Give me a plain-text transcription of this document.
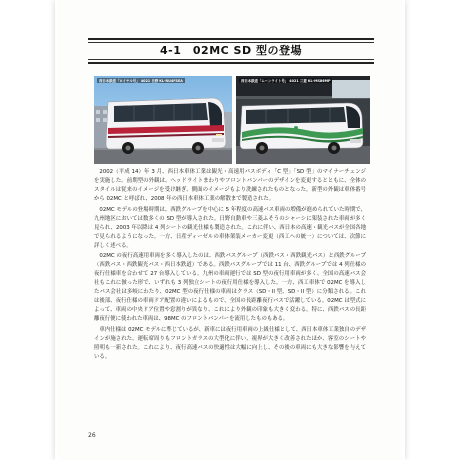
4-1　02MC SD 型の登場
西日本鉄道「ロイヤル号」 4021 日野 KL-RU4FSEA	西日本鉄道「ムーンライト号」 4021 三菱 KL-MS86MP

2002（平成 14）年 3 月、西日本車体工業は観光・高速用バスボディ「C 型」「SD 型」のマイナーチェンジを実施した。前期型の外観は、ヘッドライトまわりやフロントバンパーのデザインを変更するとともに、全体のスタイルは従来のイメージを受け継ぎ、側面のイメージもより洗練されたものとなった。新型の外観は車体番号から 02MC と呼ばれ、2008 年の西日本車体工業の解散まで製造された。

02MC モデルの登場時期は、西鉄グループを中心に 5 年程度の高速バス車両の増備が進められていた時期で、九州地区においては数多くの SD 型が導入された。日野自動車や三菱ふそうのシャーシに架装された車両が多く見られ、2003 年以降は 4 列シートの観光仕様も製造された。これに伴い、西日本の高速・観光バスが全国各地で見られるようになった。一方、日産ディーゼルの車体架装メーカー変更（西工への統一）については、次節に詳しく述べる。

02MC の夜行高速用車両を多く導入したのは、西鉄バスグループ（西鉄バス・西鉄観光バス）と西鉄グループ（西鉄バス・西鉄観光バス・西日本鉄道）である。西鉄バスグループでは 11 台、西鉄グループでは 4 列仕様の夜行仕様車を合わせて 27 台導入している。九州の車両運行では SD 型の夜行用車両が多く、全国の高速バス会社もこれに倣った形で、いずれも 3 列独立シートの夜行用仕様を導入した。一方、西工車体で 02MC を導入したバス会社は多岐にわたり、02MC 型の夜行仕様の車両はクラス（SD・II 型、SD・II 型）に分類される。これは後部、夜行仕様の車両ドア配置の違いによるもので、全国の長距離夜行バスで活躍している。02MC は型式によって、車両の中央ドア位置や窓割りが異なり、これにより外観の印象も大きく変わる。特に、西鉄バスの長距離夜行便に使われた車両は、98MC のフロントバンパーを流用したものもある。

車内仕様は 02MC モデルに準じているが、新車には夜行用車両の上級仕様として、西日本車体工業独自のデザインが施された。運転席周りもフロントガラスの大型化に伴い、視界が大きく改善されたほか、客室のシートや照明も一新された。これにより、夜行高速バスの快適性は大幅に向上し、その後の車両にも大きな影響を与えている。

26
